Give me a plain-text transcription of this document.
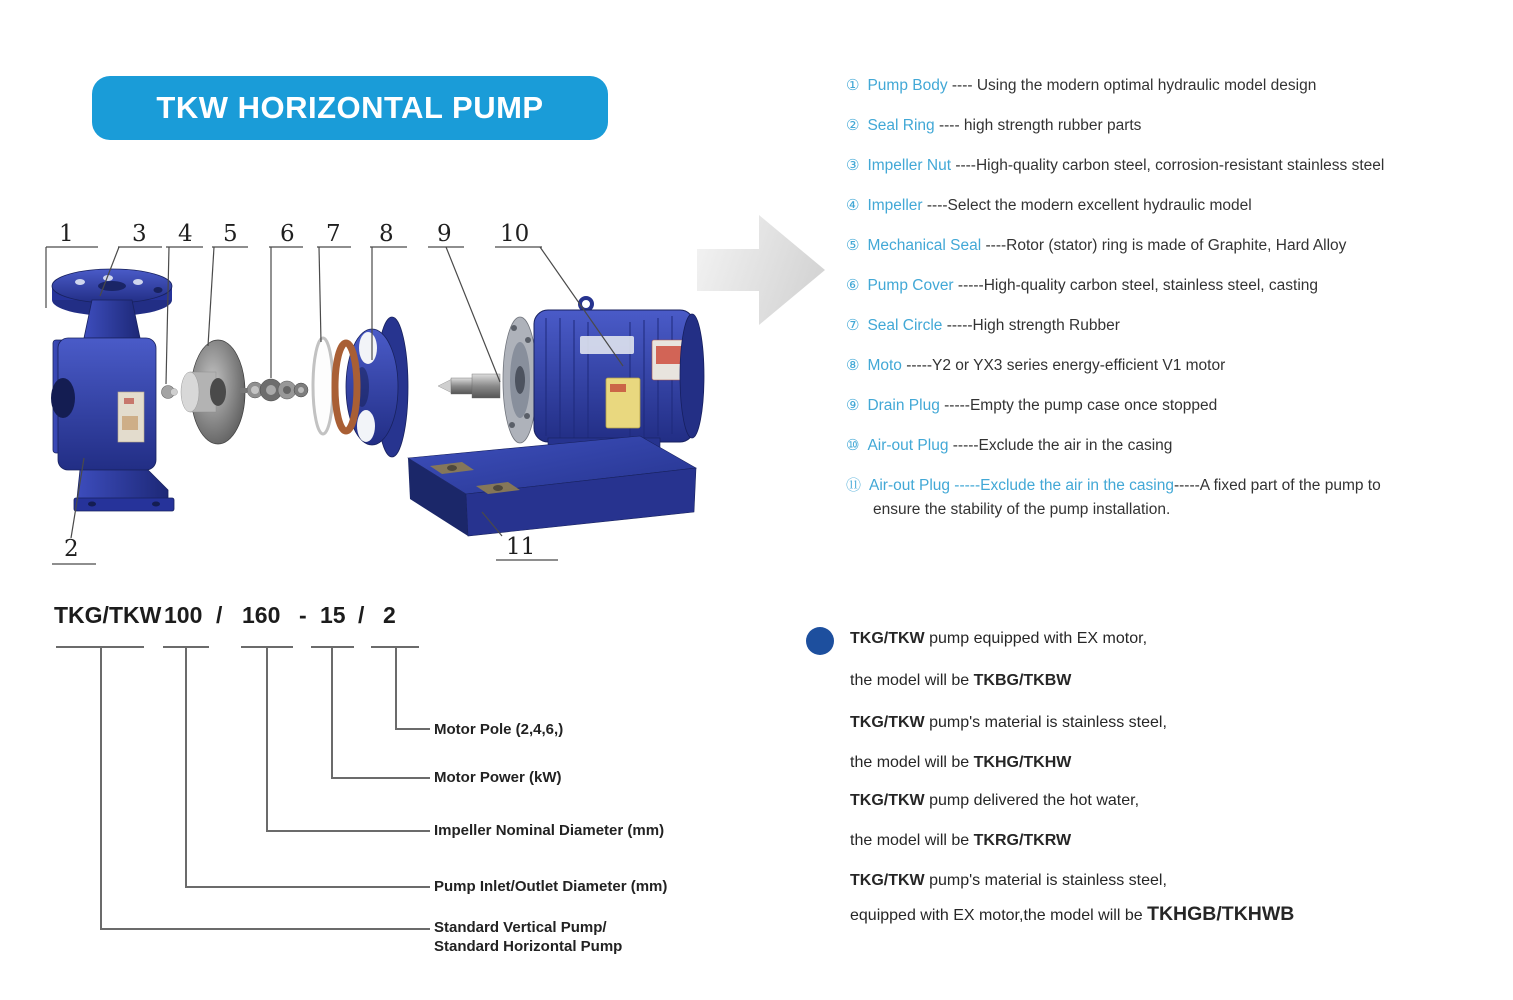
TKW HORIZONTAL PUMP
1	3 4 5 6 7 8 9 10
2	11
① Pump Body ---- Using the modern optimal hydraulic model design
② Seal Ring ---- high strength rubber parts
③ Impeller Nut ----High-quality carbon steel, corrosion-resistant stainless steel
④ Impeller ----Select the modern excellent hydraulic model
⑤ Mechanical Seal ----Rotor (stator) ring is made of Graphite, Hard Alloy
⑥ Pump Cover -----High-quality carbon steel, stainless steel, casting
⑦ Seal Circle -----High strength Rubber
⑧ Moto -----Y2 or YX3 series energy-efficient V1 motor
⑨ Drain Plug -----Empty the pump case once stopped
⑩ Air-out Plug -----Exclude the air in the casing
⑪ Air-out Plug -----Exclude the air in the casing-----A fixed part of the pump to
ensure the stability of the pump installation.
TKG/TKW 100 / 160 - 15 / 2
Motor Pole (2,4,6,)
Motor Power (kW)
Impeller Nominal Diameter (mm)
Pump Inlet/Outlet Diameter (mm)
Standard Vertical Pump/
Standard Horizontal Pump
TKG/TKW pump equipped with EX motor,
the model will be TKBG/TKBW
TKG/TKW pump's material is stainless steel,
the model will be TKHG/TKHW
TKG/TKW pump delivered the hot water,
the model will be TKRG/TKRW
TKG/TKW pump's material is stainless steel,
equipped with EX motor,the model will be TKHGB/TKHWB
